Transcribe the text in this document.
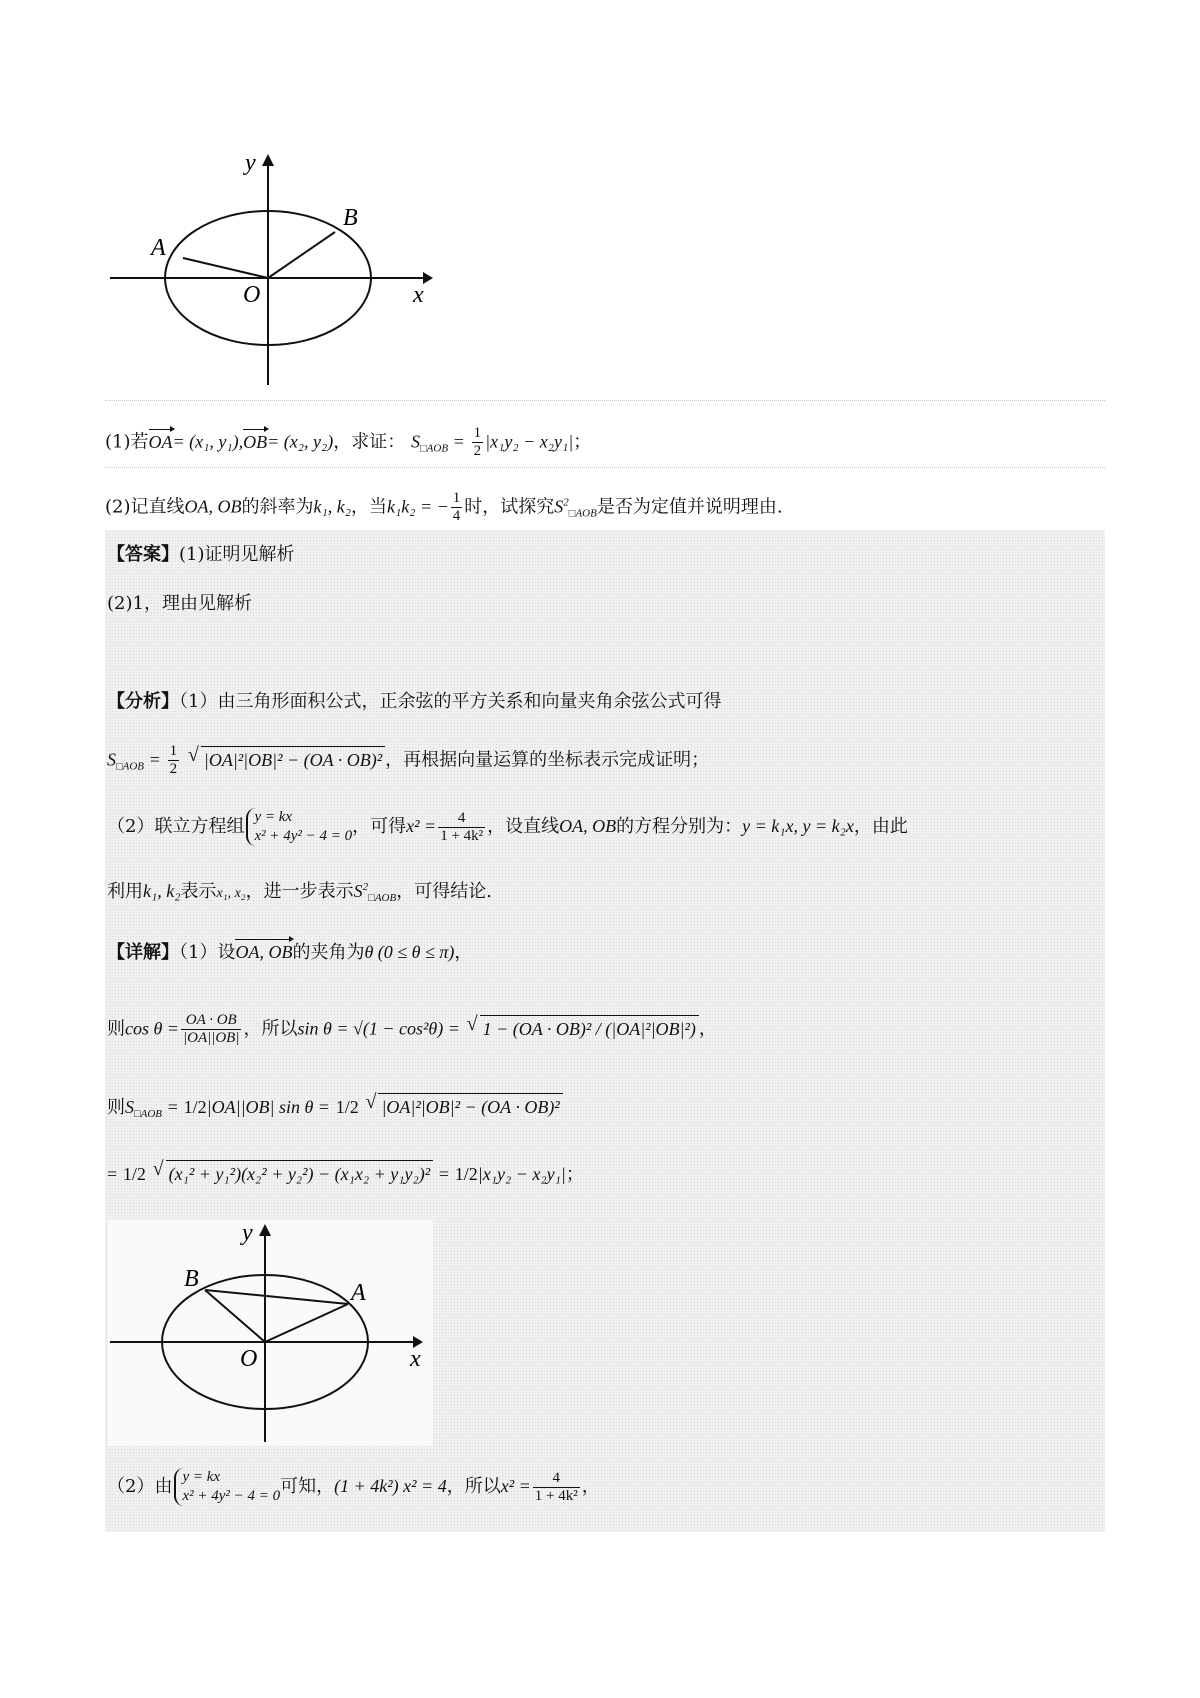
y
x
O
A
B
(1)若OA= (x₁, y₁),OB= (x₂, y₂)，求证： $S_{□AOB} = \frac{1}{2} |x_1y_2 - x_2y_1|$；
(2)记直线OA, OB的斜率为k₁, k₂，当k₁k₂ = − $\frac{1}{4}$ 时，试探究$S^2_{□AOB}$是否为定值并说明理由.
【答案】(1)证明见解析
(2)1，理由见解析
【分析】（1）由三角形面积公式，正余弦的平方关系和向量夹角余弦公式可得
$S_{□AOB} = \frac{1}{2}$ √ |OA|²|OB|² − (OA · OB)² ，再根据向量运算的坐标表示完成证明；
（2）联立方程组 y = kx
x² + 4y² − 4 = 0，可得$x^2 = \frac{4}{\text{1 + 4k²}}$ ，设直线OA, OB的方程分别为：y = k₁x, y = k₂x，由此
利用k₁, k₂表示x₁, x₂，进一步表示$S^2_{□AOB}$，可得结论.
【详解】（1）设OA, OB的夹角为θ (0 ≤ θ ≤ π)，
则$\cos \theta = \frac{OA \cdot OB}{|OA||OB|}$ ，所以sin θ = √(1 − cos²θ) = √ 1 − (OA · OB)² / (|OA|²|OB|²) ，
则$S_{□AOB} = 1/2|OA||OB|$ sin θ = 1/2 √ |OA|²|OB|² − (OA · OB)²
= 1/2 √ (x₁² + y₁²)(x₂² + y₂²) − (x₁x₂ + y₁y₂)² = 1/2|x₁y₂ − x₂y₁|；
y
x
O
A
B
（2）由 y = kx
x² + 4y² − 4 = 0可知，(1 + 4k²) x² = 4，所以$x^2 = \frac{4}{\text{1 + 4k²}}$ ，
